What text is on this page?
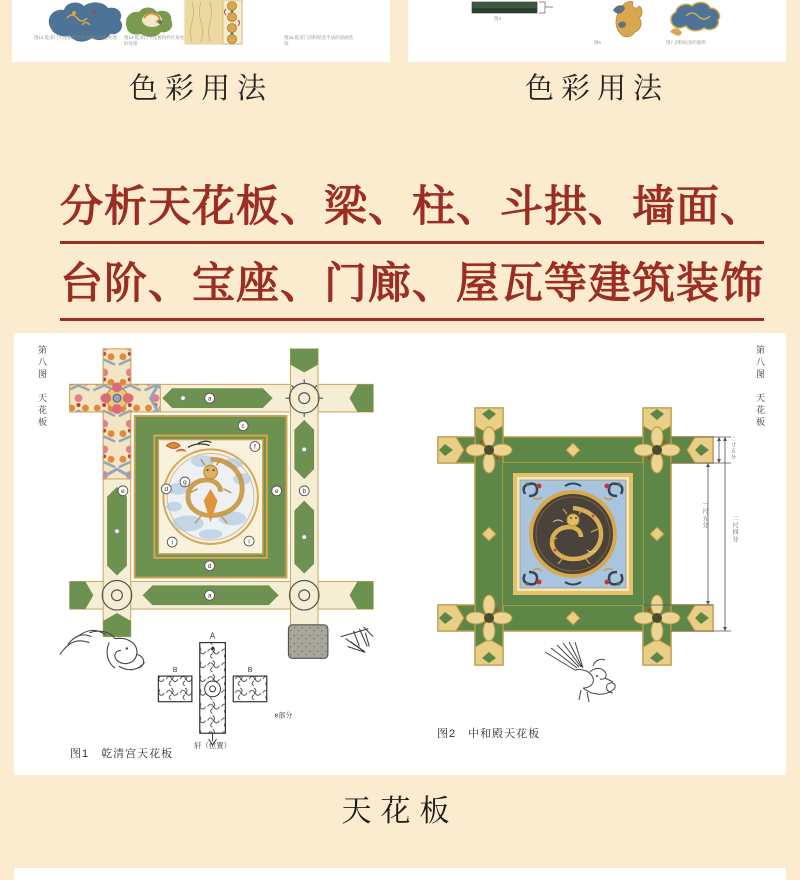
图12 乾清门天花板构件区角处的白色处理	图14 乾清门天花板构件区角处的处理
图16 乾清门沥粉贴金手法的彩画装饰
图4
图5	图7 沥粉贴金的案例
色彩用法	色彩用法
分析天花板、梁、柱、斗拱、墙面、
台阶、宝座、门廊、屋瓦等建筑装饰
第八图　天花板	第八图　天花板
a
c
f
e	d
g
e	b
i	i
d
a
A
B	B
e部分
轩（位置）
二寸五分
一尺五分	二尺四分
图1　乾清宫天花板
图2　中和殿天花板
天花板
